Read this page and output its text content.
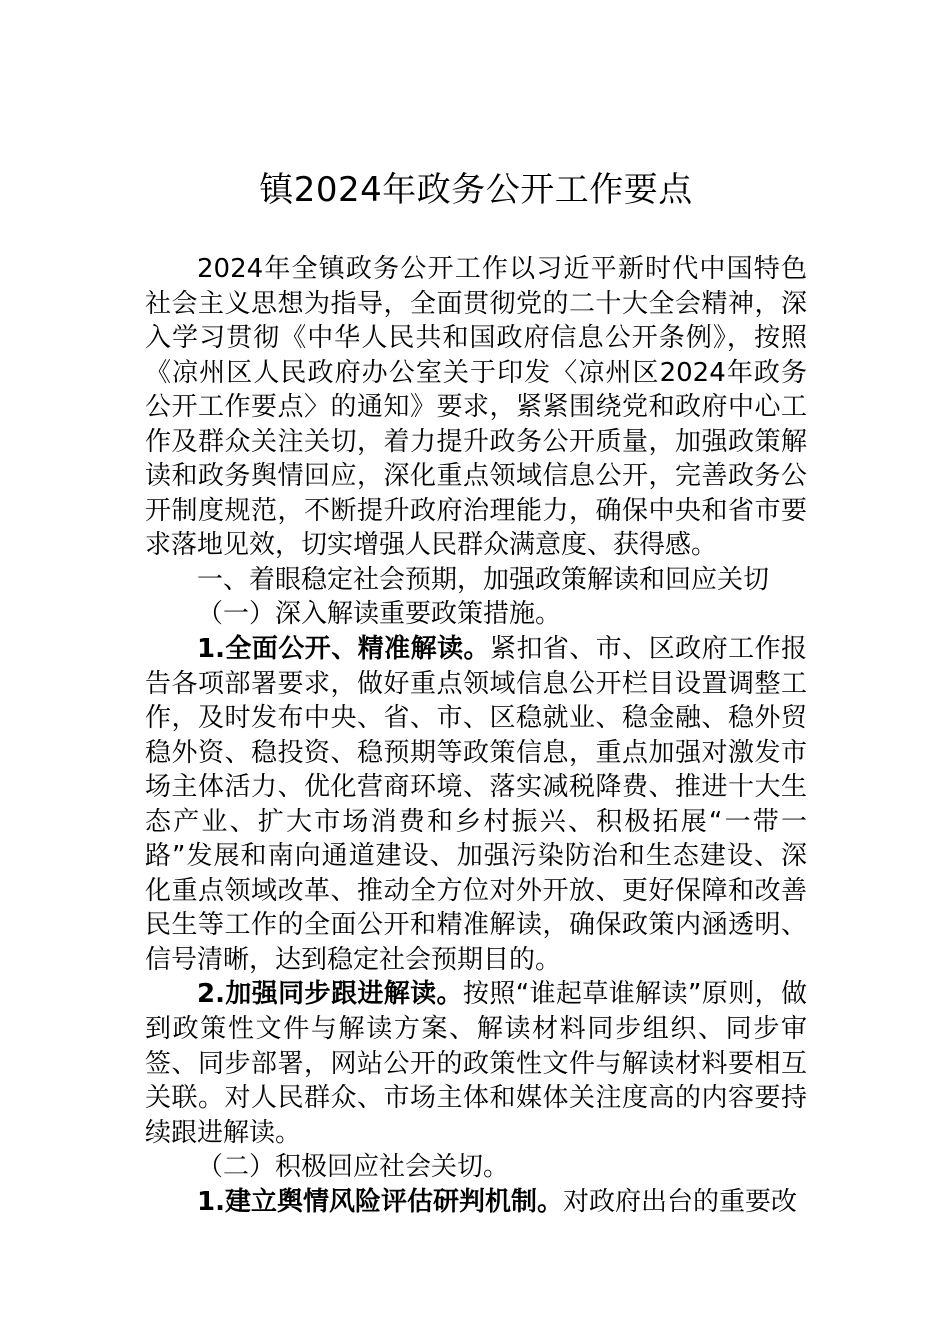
镇2024年政务公开工作要点

2024年全镇政务公开工作以习近平新时代中国特色社会主义思想为指导，全面贯彻党的二十大全会精神，深入学习贯彻《中华人民共和国政府信息公开条例》，按照《凉州区人民政府办公室关于印发〈凉州区2024年政务公开工作要点〉的通知》要求，紧紧围绕党和政府中心工作及群众关注关切，着力提升政务公开质量，加强政策解读和政务舆情回应，深化重点领域信息公开，完善政务公开制度规范，不断提升政府治理能力，确保中央和省市要求落地见效，切实增强人民群众满意度、获得感。

一、着眼稳定社会预期，加强政策解读和回应关切

（一）深入解读重要政策措施。

1.全面公开、精准解读。紧扣省、市、区政府工作报告各项部署要求，做好重点领域信息公开栏目设置调整工作，及时发布中央、省、市、区稳就业、稳金融、稳外贸稳外资、稳投资、稳预期等政策信息，重点加强对激发市场主体活力、优化营商环境、落实减税降费、推进十大生态产业、扩大市场消费和乡村振兴、积极拓展“一带一路”发展和南向通道建设、加强污染防治和生态建设、深化重点领域改革、推动全方位对外开放、更好保障和改善民生等工作的全面公开和精准解读，确保政策内涵透明、信号清晰，达到稳定社会预期目的。

2.加强同步跟进解读。按照“谁起草谁解读”原则，做到政策性文件与解读方案、解读材料同步组织、同步审签、同步部署，网站公开的政策性文件与解读材料要相互关联。对人民群众、市场主体和媒体关注度高的内容要持续跟进解读。

（二）积极回应社会关切。

1.建立舆情风险评估研判机制。对政府出台的重要改
